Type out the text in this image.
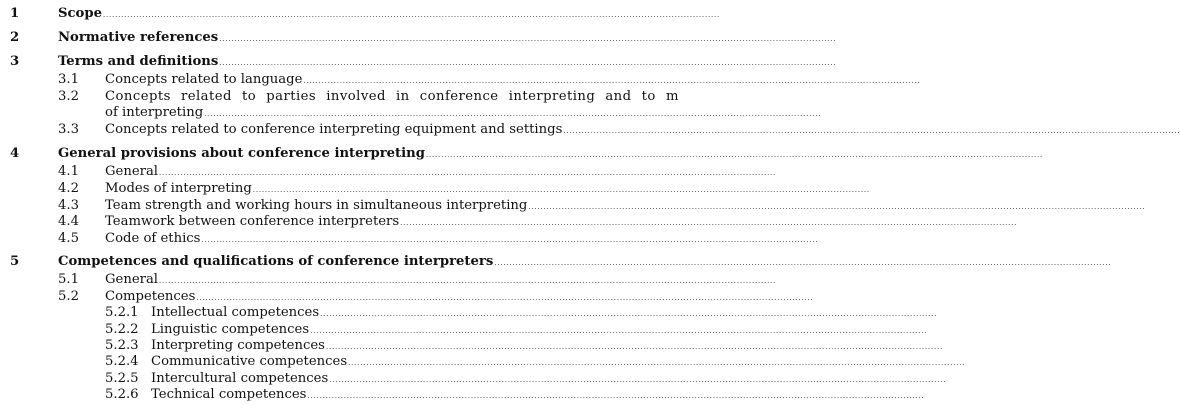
1	Scope ............................................................................................................................................................................................................
2	Normative references ............................................................................................................................................................................................................
3	Terms and definitions ............................................................................................................................................................................................................
3.1 Concepts related to language ............................................................................................................................................................................................................
3.2 Concepts related to parties involved in conference interpreting and to m
of interpreting ............................................................................................................................................................................................................
3.3 Concepts related to conference interpreting equipment and settings ............................................................................................................................................................................................................
4	General provisions about conference interpreting ............................................................................................................................................................................................................
4.1 General ............................................................................................................................................................................................................
4.2 Modes of interpreting ............................................................................................................................................................................................................
4.3 Team strength and working hours in simultaneous interpreting ............................................................................................................................................................................................................
4.4 Teamwork between conference interpreters ............................................................................................................................................................................................................
4.5 Code of ethics ............................................................................................................................................................................................................
5	Competences and qualifications of conference interpreters ............................................................................................................................................................................................................
5.1 General ............................................................................................................................................................................................................
5.2 Competences ............................................................................................................................................................................................................
5.2.1 Intellectual competences ............................................................................................................................................................................................................
5.2.2 Linguistic competences ............................................................................................................................................................................................................
5.2.3 Interpreting competences ............................................................................................................................................................................................................
5.2.4 Communicative competences ............................................................................................................................................................................................................
5.2.5 Intercultural competences ............................................................................................................................................................................................................
5.2.6 Technical competences ............................................................................................................................................................................................................
